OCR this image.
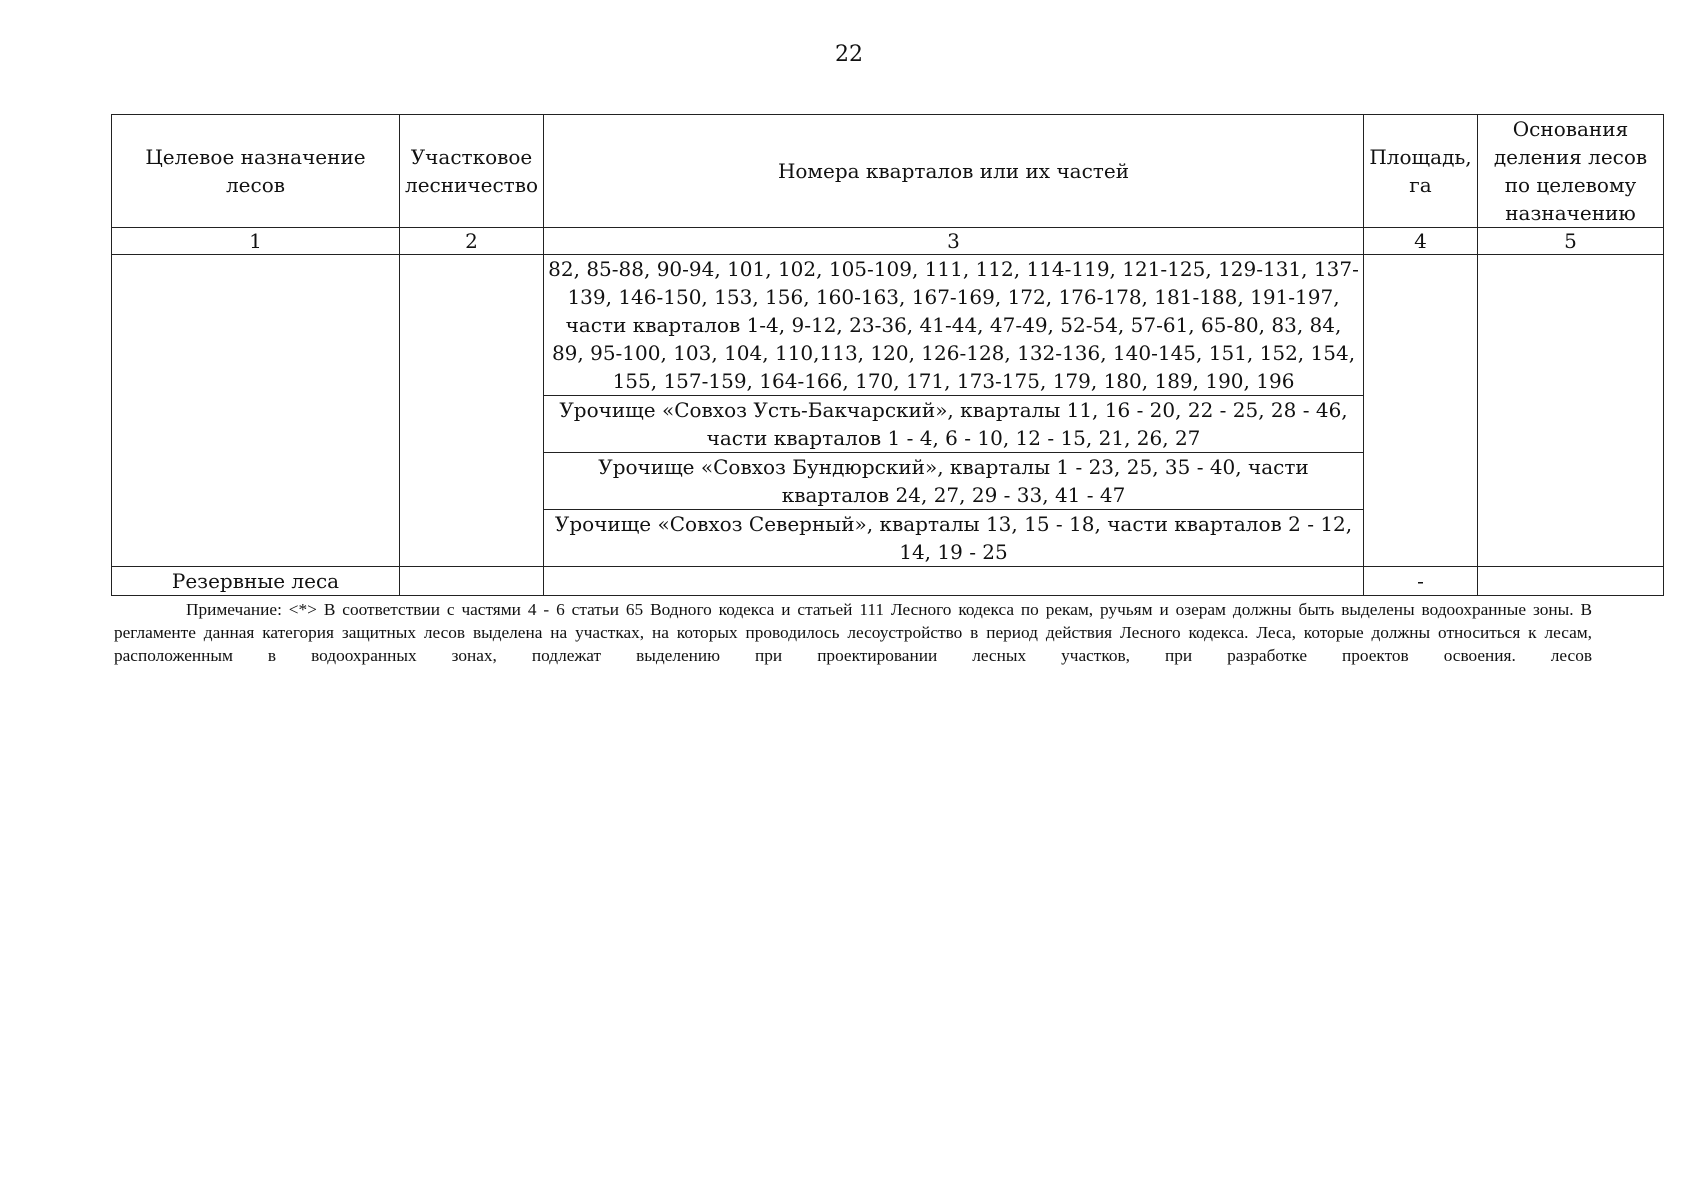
22
Целевое назначение лесов	Участковое лесничество	Номера кварталов или их частей	Площадь, га	Основания деления лесов по целевому назначению
1	2	3	4	5
		82, 85-88, 90-94, 101, 102, 105-109, 111, 112, 114-119, 121-125, 129-131, 137-139, 146-150, 153, 156, 160-163, 167-169, 172, 176-178, 181-188, 191-197, части кварталов 1-4, 9-12, 23-36, 41-44, 47-49, 52-54, 57-61, 65-80, 83, 84, 89, 95-100, 103, 104, 110,113, 120, 126-128, 132-136, 140-145, 151, 152, 154, 155, 157-159, 164-166, 170, 171, 173-175, 179, 180, 189, 190, 196		
		Урочище «Совхоз Усть-Бакчарский», кварталы 11, 16 - 20, 22 - 25, 28 - 46, части кварталов 1 - 4, 6 - 10, 12 - 15, 21, 26, 27		
		Урочище «Совхоз Бундюрский», кварталы 1 - 23, 25, 35 - 40, части кварталов 24, 27, 29 - 33, 41 - 47		
		Урочище «Совхоз Северный», кварталы 13, 15 - 18, части кварталов 2 - 12, 14, 19 - 25		
Резервные леса			-	

Примечание: <*> В соответствии с частями 4 - 6 статьи 65 Водного кодекса и статьей 111 Лесного кодекса по рекам, ручьям и озерам должны быть выделены водоохранные зоны. В регламенте данная категория защитных лесов выделена на участках, на которых проводилось лесоустройство в период действия Лесного кодекса. Леса, которые должны относиться к лесам, расположенным в водоохранных зонах, подлежат выделению при проектировании лесных участков, при разработке проектов освоения. лесов
